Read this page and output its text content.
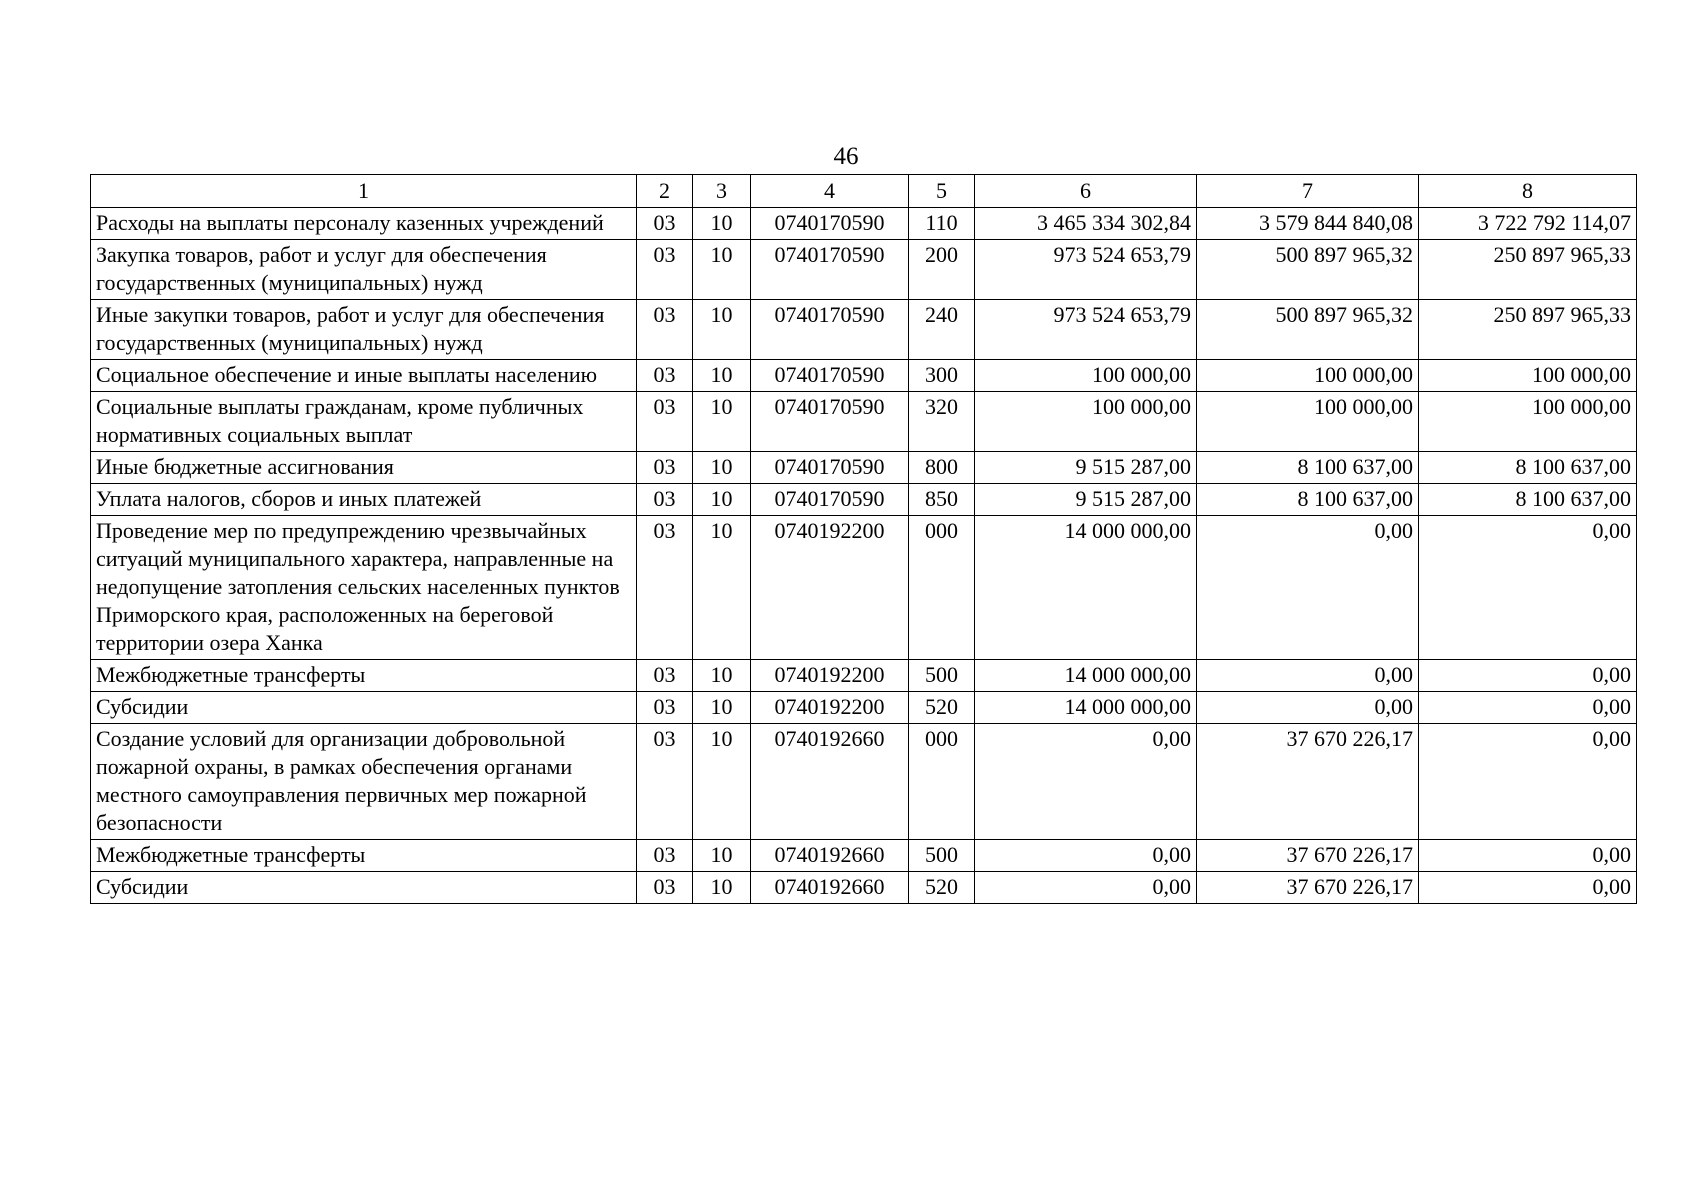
46
1	2	3	4	5	6	7	8
Расходы на выплаты персоналу казенных учреждений	03	10	0740170590	110	3 465 334 302,84	3 579 844 840,08	3 722 792 114,07
Закупка товаров, работ и услуг для обеспечения государственных (муниципальных) нужд	03	10	0740170590	200	973 524 653,79	500 897 965,32	250 897 965,33
Иные закупки товаров, работ и услуг для обеспечения государственных (муниципальных) нужд	03	10	0740170590	240	973 524 653,79	500 897 965,32	250 897 965,33
Социальное обеспечение и иные выплаты населению	03	10	0740170590	300	100 000,00	100 000,00	100 000,00
Социальные выплаты гражданам, кроме публичных нормативных социальных выплат	03	10	0740170590	320	100 000,00	100 000,00	100 000,00
Иные бюджетные ассигнования	03	10	0740170590	800	9 515 287,00	8 100 637,00	8 100 637,00
Уплата налогов, сборов и иных платежей	03	10	0740170590	850	9 515 287,00	8 100 637,00	8 100 637,00
Проведение мер по предупреждению чрезвычайных ситуаций муниципального характера, направленные на недопущение затопления сельских населенных пунктов Приморского края, расположенных на береговой территории озера Ханка	03	10	0740192200	000	14 000 000,00	0,00	0,00
Межбюджетные трансферты	03	10	0740192200	500	14 000 000,00	0,00	0,00
Субсидии	03	10	0740192200	520	14 000 000,00	0,00	0,00
Создание условий для организации добровольной пожарной охраны, в рамках обеспечения органами местного самоуправления первичных мер пожарной безопасности	03	10	0740192660	000	0,00	37 670 226,17	0,00
Межбюджетные трансферты	03	10	0740192660	500	0,00	37 670 226,17	0,00
Субсидии	03	10	0740192660	520	0,00	37 670 226,17	0,00
